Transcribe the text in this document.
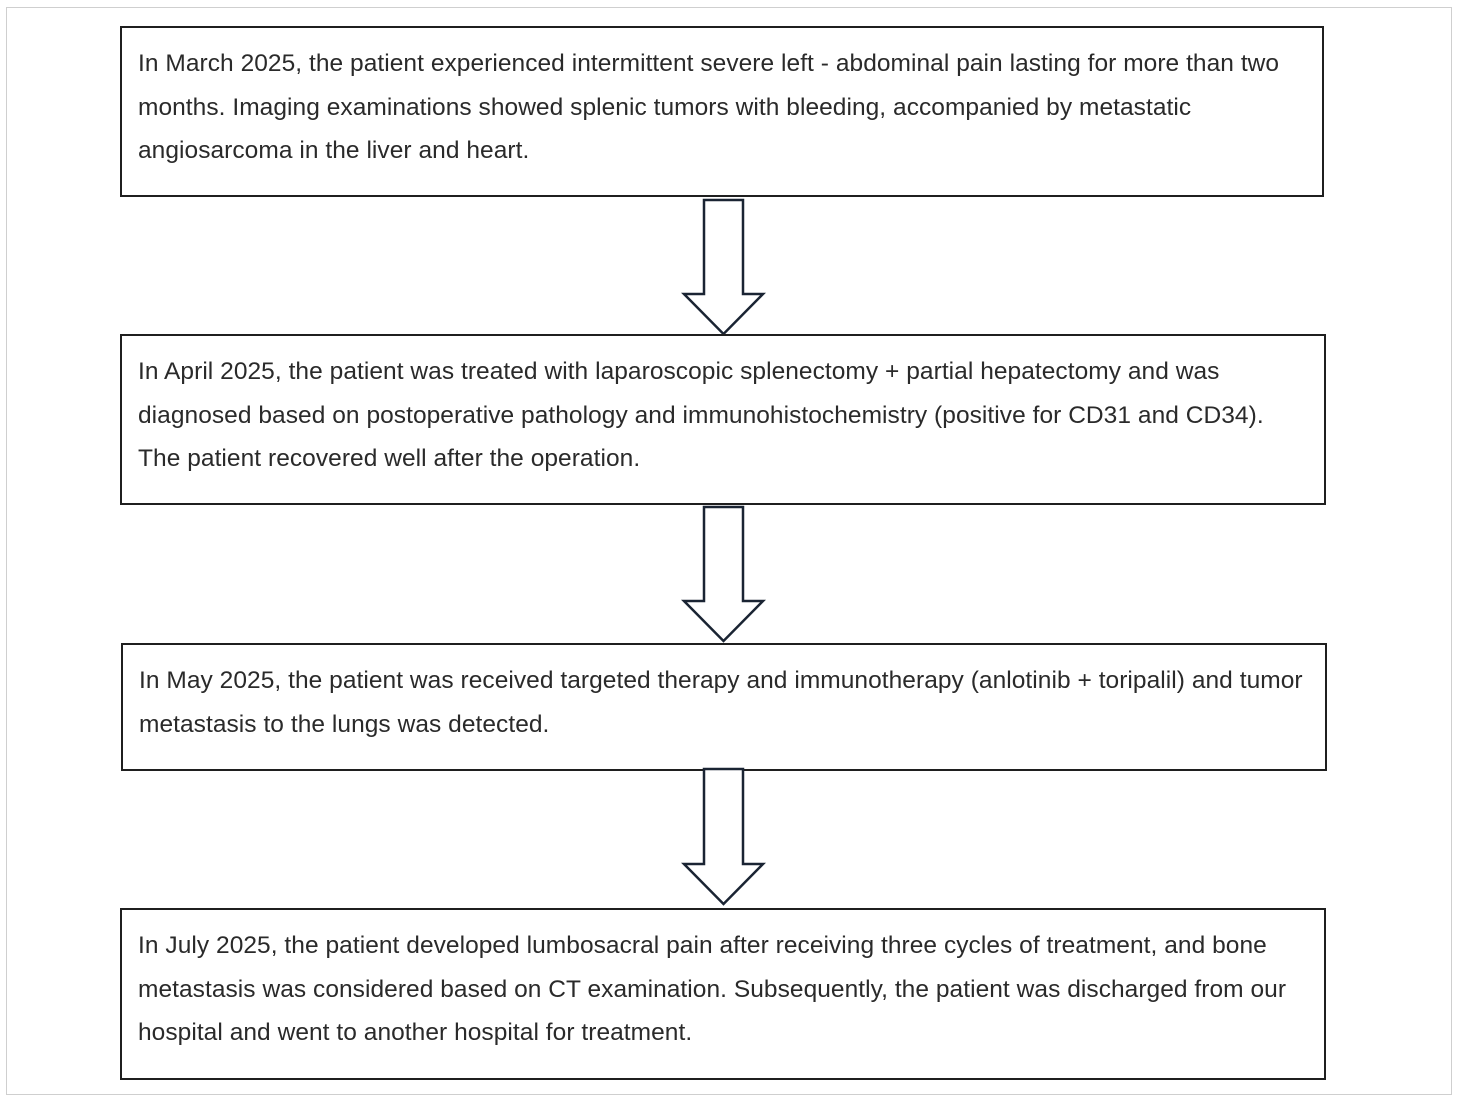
In March 2025, the patient experienced intermittent severe left - abdominal pain lasting for more than two months. Imaging examinations showed splenic tumors with bleeding, accompanied by metastatic angiosarcoma in the liver and heart.
In April 2025, the patient was treated with laparoscopic splenectomy + partial hepatectomy and was diagnosed based on postoperative pathology and immunohistochemistry (positive for CD31 and CD34). The patient recovered well after the operation.
In May 2025, the patient was received targeted therapy and immunotherapy (anlotinib + toripalil) and tumor metastasis to the lungs was detected.
In July 2025, the patient developed lumbosacral pain after receiving three cycles of treatment, and bone metastasis was considered based on CT examination. Subsequently, the patient was discharged from our hospital and went to another hospital for treatment.
